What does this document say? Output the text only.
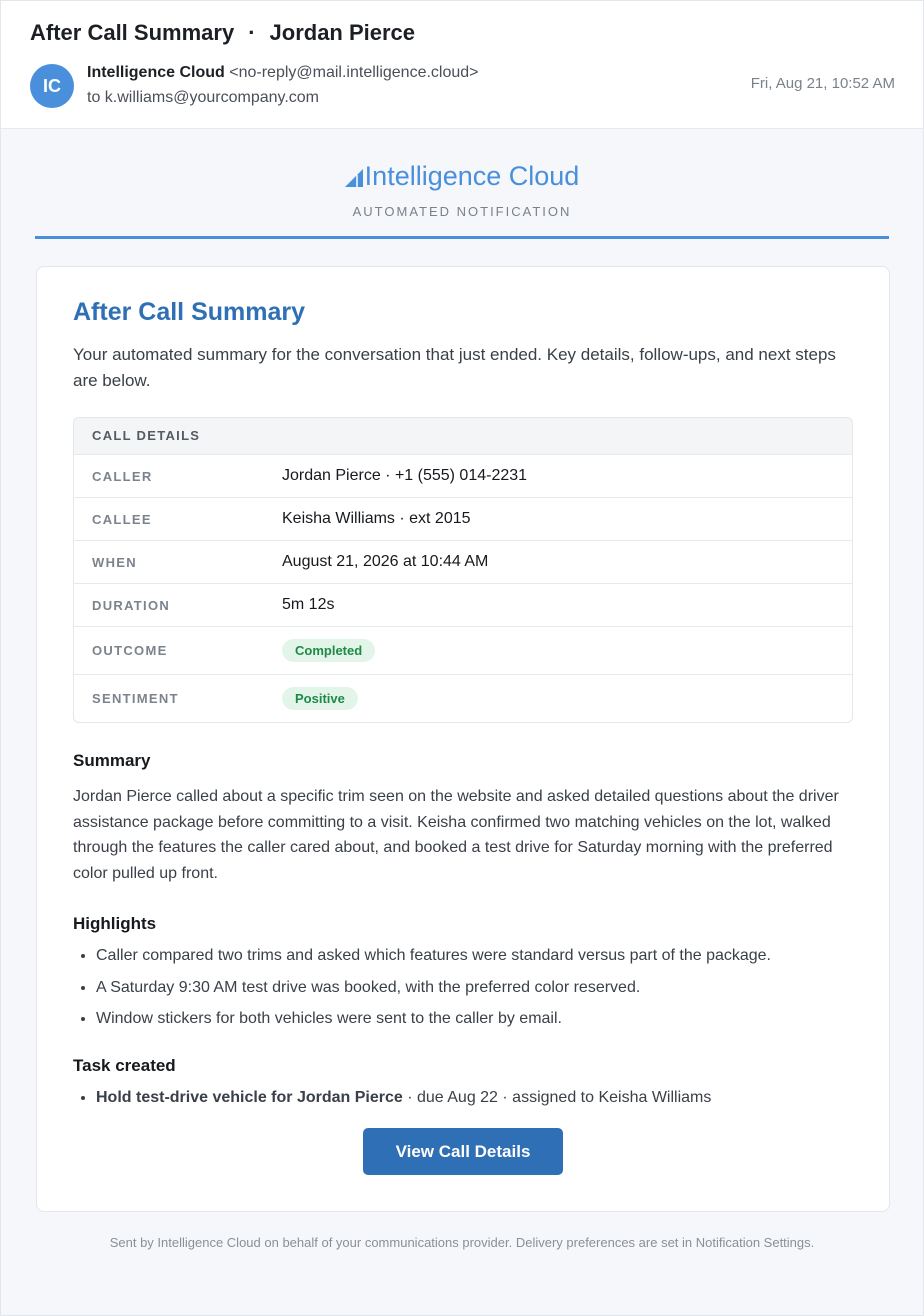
After Call Summary · Jordan Pierce
IC
Intelligence Cloud <no-reply@mail.intelligence.cloud>
to k.williams@yourcompany.com
Fri, Aug 21, 10:52 AM
Intelligence Cloud
AUTOMATED NOTIFICATION
After Call Summary
Your automated summary for the conversation that just ended. Key details, follow-ups, and next steps are below.
CALL DETAILS
CALLER	Jordan Pierce · +1 (555) 014-2231
CALLEE	Keisha Williams · ext 2015
WHEN	August 21, 2026 at 10:44 AM
DURATION	5m 12s
OUTCOME	Completed
SENTIMENT	Positive
Summary
Jordan Pierce called about a specific trim seen on the website and asked detailed questions about the driver assistance package before committing to a visit. Keisha confirmed two matching vehicles on the lot, walked through the features the caller cared about, and booked a test drive for Saturday morning with the preferred color pulled up front.
Highlights
• Caller compared two trims and asked which features were standard versus part of the package.
• A Saturday 9:30 AM test drive was booked, with the preferred color reserved.
• Window stickers for both vehicles were sent to the caller by email.
Task created
• Hold test-drive vehicle for Jordan Pierce · due Aug 22 · assigned to Keisha Williams
View Call Details
Sent by Intelligence Cloud on behalf of your communications provider. Delivery preferences are set in Notification Settings.
